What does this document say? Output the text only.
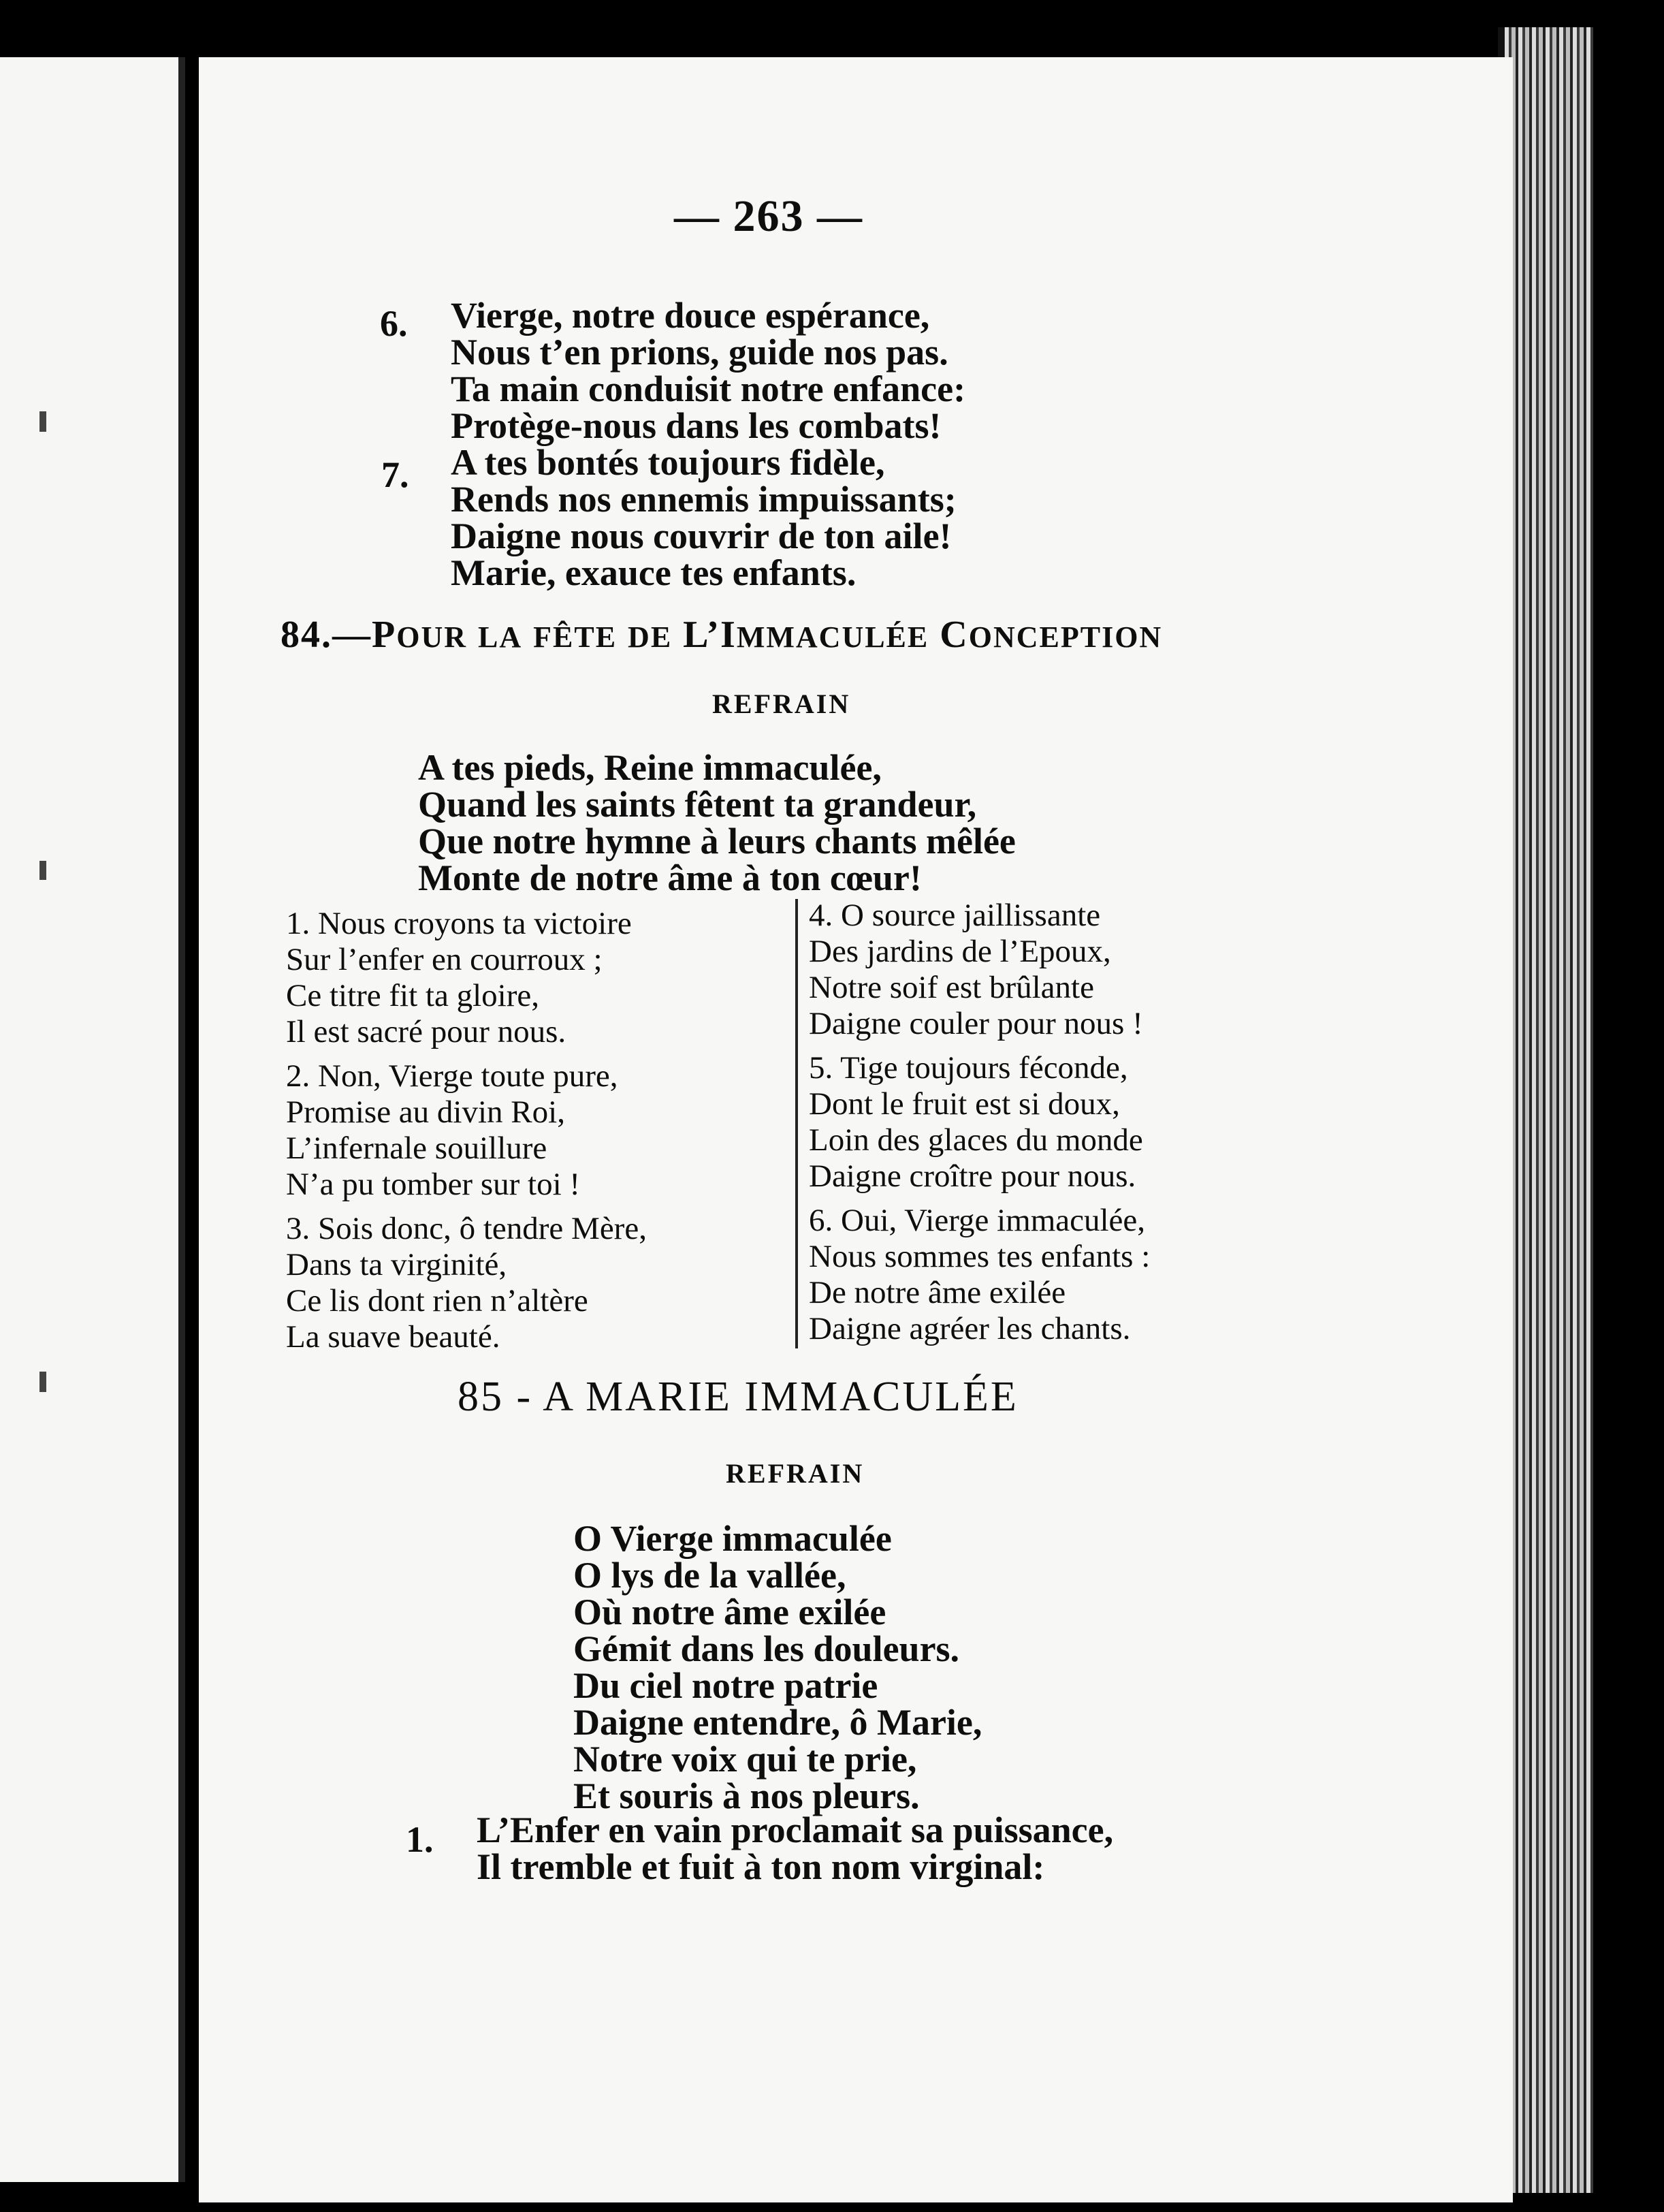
— 263 —
6. Vierge, notre douce espérance,
Nous t’en prions, guide nos pas.
Ta main conduisit notre enfance:
Protège-nous dans les combats!
7. A tes bontés toujours fidèle,
Rends nos ennemis impuissants;
Daigne nous couvrir de ton aile!
Marie, exauce tes enfants.
84.—POUR LA FÊTE DE L’IMMACULÉE CONCEPTION
REFRAIN
A tes pieds, Reine immaculée,
Quand les saints fêtent ta grandeur,
Que notre hymne à leurs chants mêlée
Monte de notre âme à ton cœur!
1. Nous croyons ta victoire
Sur l’enfer en courroux ;
Ce titre fit ta gloire,
Il est sacré pour nous.
2. Non, Vierge toute pure,
Promise au divin Roi,
L’infernale souillure
N’a pu tomber sur toi !
3. Sois donc, ô tendre Mère,
Dans ta virginité,
Ce lis dont rien n’altère
La suave beauté.
4. O source jaillissante
Des jardins de l’Epoux,
Notre soif est brûlante
Daigne couler pour nous !
5. Tige toujours féconde,
Dont le fruit est si doux,
Loin des glaces du monde
Daigne croître pour nous.
6. Oui, Vierge immaculée,
Nous sommes tes enfants :
De notre âme exilée
Daigne agréer les chants.
85 - A MARIE IMMACULÉE
REFRAIN
O Vierge immaculée
O lys de la vallée,
Où notre âme exilée
Gémit dans les douleurs.
Du ciel notre patrie
Daigne entendre, ô Marie,
Notre voix qui te prie,
Et souris à nos pleurs.
1. L’Enfer en vain proclamait sa puissance,
Il tremble et fuit à ton nom virginal:
